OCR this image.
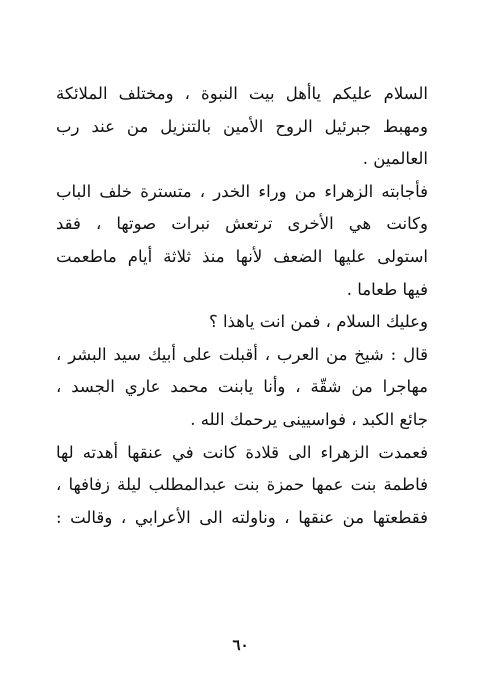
السلام عليكم ياأهل بيت النبوة ، ومختلف الملائكة
ومهبط جبرئيل الروح الأمين بالتنزيل من عند رب
العالمين .
فأجابته الزهراء من وراء الخدر ، متسترة خلف الباب
وكانت هي الأخرى ترتعش نبرات صوتها ، فقد
استولى عليها الضعف لأنها منذ ثلاثة أيام ماطعمت
فيها طعاما .
وعليك السلام ، فمن انت ياهذا ؟
قال : شيخ من العرب ، أقبلت على أبيك سيد البشر ،
مهاجرا من شقّة ، وأنا يابنت محمد عاري الجسد ،
جائع الكبد ، فواسيينى يرحمك الله .
فعمدت الزهراء الى قلادة كانت في عنقها أهدته لها
فاطمة بنت عمها حمزة بنت عبدالمطلب ليلة زفافها ،
فقطعتها من عنقها ، وناولته الى الأعرابي ، وقالت :
٦٠
